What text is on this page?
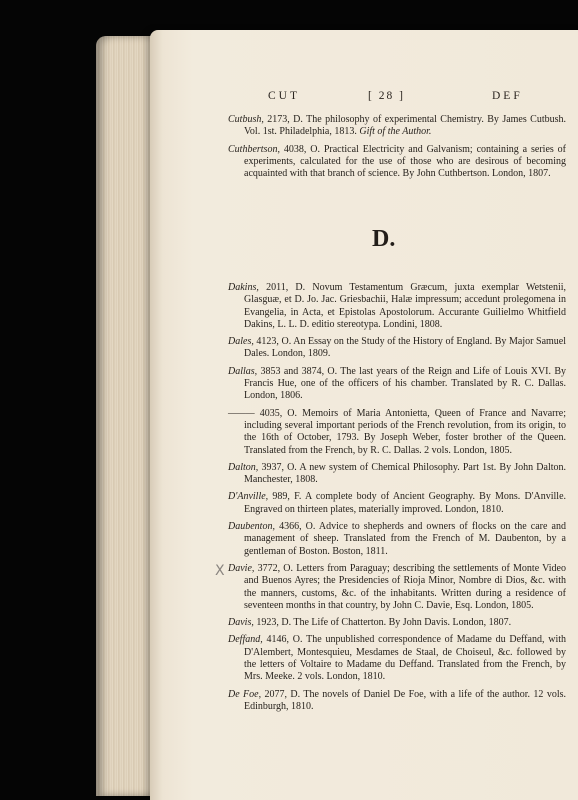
CUT	[ 28 ]	DEF

Cutbush, 2173, D. The philosophy of experimental Chemistry. By James Cutbush. Vol. 1st. Philadelphia, 1813. Gift of the Author.

Cuthbertson, 4038, O. Practical Electricity and Galvanism; containing a series of experiments, calculated for the use of those who are desirous of becoming acquainted with that branch of science. By John Cuthbertson. London, 1807.

D.

Dakins, 2011, D. Novum Testamentum Græcum, juxta exemplar Wetstenii, Glasguæ, et D. Jo. Jac. Griesbachii, Halæ impressum; accedunt prolegomena in Evangelia, in Acta, et Epistolas Apostolorum. Accurante Guilielmo Whitfield Dakins, L. L. D. editio stereotypa. Londini, 1808.

Dales, 4123, O. An Essay on the Study of the History of England. By Major Samuel Dales. London, 1809.

Dallas, 3853 and 3874, O. The last years of the Reign and Life of Louis XVI. By Francis Hue, one of the officers of his chamber. Translated by R. C. Dallas. London, 1806.

——— 4035, O. Memoirs of Maria Antonietta, Queen of France and Navarre; including several important periods of the French revolution, from its origin, to the 16th of October, 1793. By Joseph Weber, foster brother of the Queen. Translated from the French, by R. C. Dallas. 2 vols. London, 1805.

Dalton, 3937, O. A new system of Chemical Philosophy. Part 1st. By John Dalton. Manchester, 1808.

D'Anville, 989, F. A complete body of Ancient Geography. By Mons. D'Anville. Engraved on thirteen plates, materially improved. London, 1810.

Daubenton, 4366, O. Advice to shepherds and owners of flocks on the care and management of sheep. Translated from the French of M. Daubenton, by a gentleman of Boston. Boston, 1811.

Davie, 3772, O. Letters from Paraguay; describing the settlements of Monte Video and Buenos Ayres; the Presidencies of Rioja Minor, Nombre di Dios, &c. with the manners, customs, &c. of the inhabitants. Written during a residence of seventeen months in that country, by John C. Davie, Esq. London, 1805.

Davis, 1923, D. The Life of Chatterton. By John Davis. London, 1807.

Deffand, 4146, O. The unpublished correspondence of Madame du Deffand, with D'Alembert, Montesquieu, Mesdames de Staal, de Choiseul, &c. followed by the letters of Voltaire to Madame du Deffand. Translated from the French, by Mrs. Meeke. 2 vols. London, 1810.

De Foe, 2077, D. The novels of Daniel De Foe, with a life of the author. 12 vols. Edinburgh, 1810.

X
